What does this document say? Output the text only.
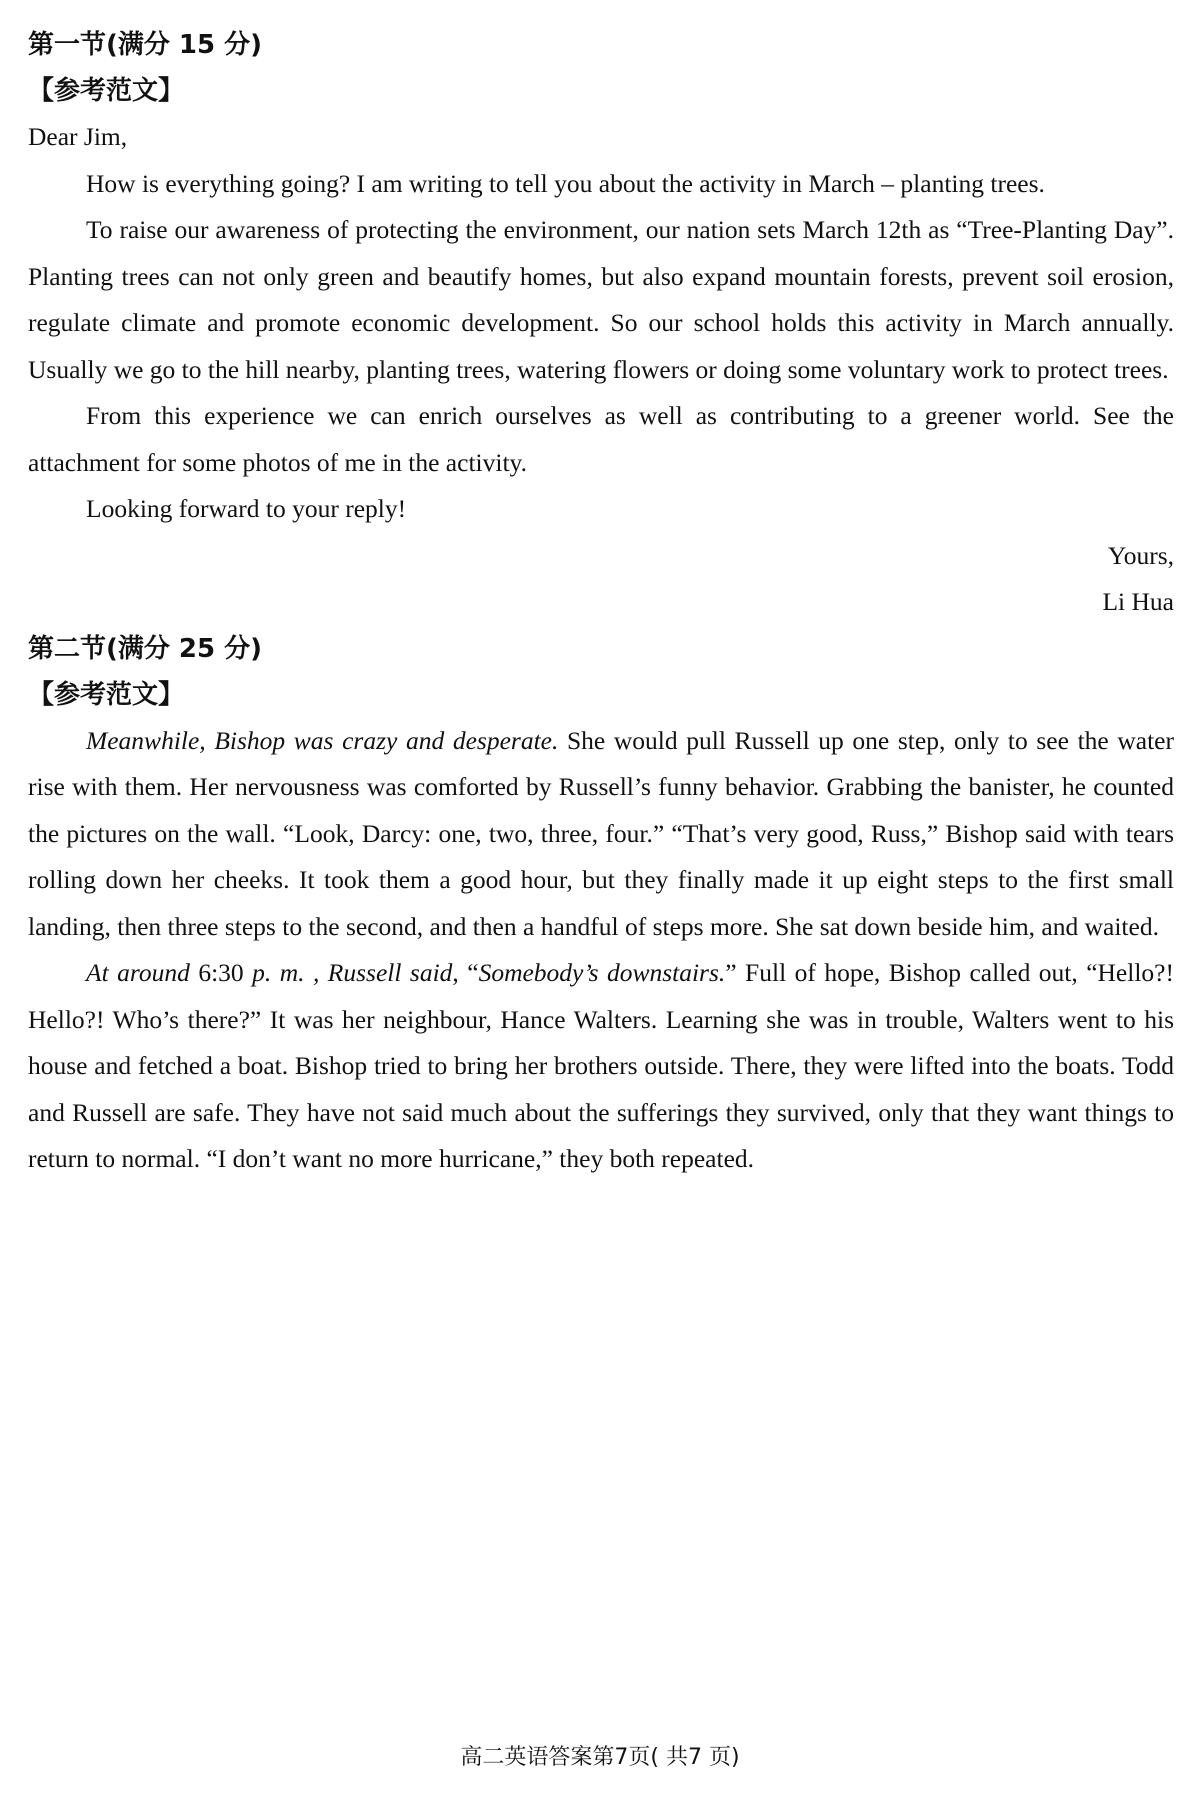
第一节(满分 15 分)
【参考范文】
Dear Jim,

How is everything going? I am writing to tell you about the activity in March – planting trees.

To raise our awareness of protecting the environment, our nation sets March 12th as “Tree-Planting Day”. Planting trees can not only green and beautify homes, but also expand mountain forests, prevent soil erosion, regulate climate and promote economic development. So our school holds this activity in March annually. Usually we go to the hill nearby, planting trees, watering flowers or doing some voluntary work to protect trees.

From this experience we can enrich ourselves as well as contributing to a greener world. See the attachment for some photos of me in the activity.

Looking forward to your reply!

Yours,
Li Hua
第二节(满分 25 分)
【参考范文】

Meanwhile, Bishop was crazy and desperate. She would pull Russell up one step, only to see the water rise with them. Her nervousness was comforted by Russell’s funny behavior. Grabbing the banister, he counted the pictures on the wall. “Look, Darcy: one, two, three, four.” “That’s very good, Russ,” Bishop said with tears rolling down her cheeks. It took them a good hour, but they finally made it up eight steps to the first small landing, then three steps to the second, and then a handful of steps more. She sat down beside him, and waited.

At around 6:30 p. m. , Russell said, “Somebody’s downstairs.” Full of hope, Bishop called out, “Hello?! Hello?! Who’s there?” It was her neighbour, Hance Walters. Learning she was in trouble, Walters went to his house and fetched a boat. Bishop tried to bring her brothers outside. There, they were lifted into the boats. Todd and Russell are safe. They have not said much about the sufferings they survived, only that they want things to return to normal. “I don’t want no more hurricane,” they both repeated.

高二英语答案第7页( 共7 页)
